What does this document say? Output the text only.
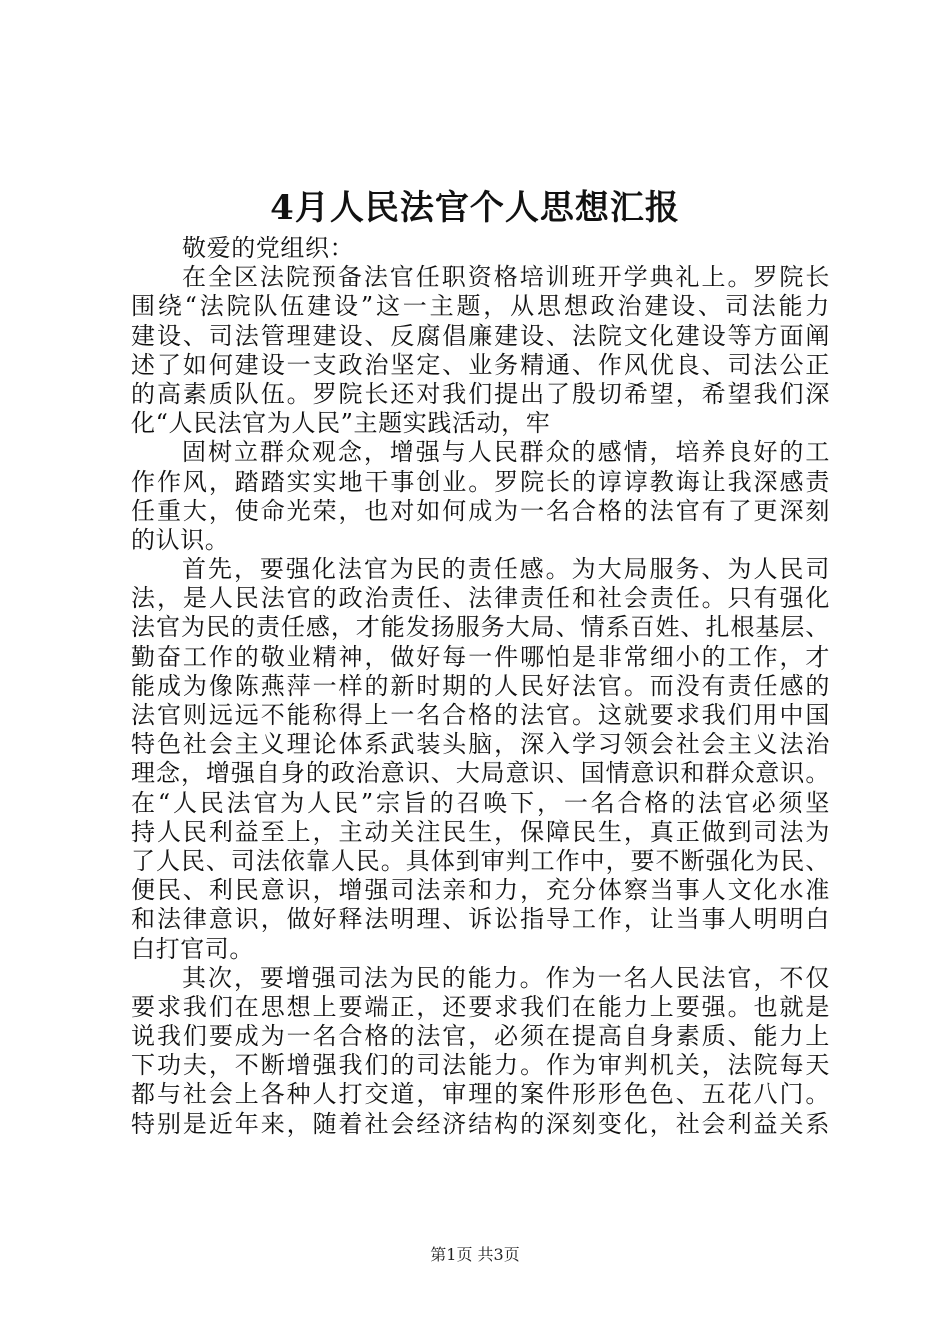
4月人民法官个人思想汇报
敬爱的党组织：
在全区法院预备法官任职资格培训班开学典礼上。罗院长
围绕“法院队伍建设”这一主题，从思想政治建设、司法能力
建设、司法管理建设、反腐倡廉建设、法院文化建设等方面阐
述了如何建设一支政治坚定、业务精通、作风优良、司法公正
的高素质队伍。罗院长还对我们提出了殷切希望，希望我们深
化“人民法官为人民”主题实践活动，牢
固树立群众观念，增强与人民群众的感情，培养良好的工
作作风，踏踏实实地干事创业。罗院长的谆谆教诲让我深感责
任重大，使命光荣，也对如何成为一名合格的法官有了更深刻
的认识。
首先，要强化法官为民的责任感。为大局服务、为人民司
法，是人民法官的政治责任、法律责任和社会责任。只有强化
法官为民的责任感，才能发扬服务大局、情系百姓、扎根基层、
勤奋工作的敬业精神，做好每一件哪怕是非常细小的工作，才
能成为像陈燕萍一样的新时期的人民好法官。而没有责任感的
法官则远远不能称得上一名合格的法官。这就要求我们用中国
特色社会主义理论体系武装头脑，深入学习领会社会主义法治
理念，增强自身的政治意识、大局意识、国情意识和群众意识。
在“人民法官为人民”宗旨的召唤下，一名合格的法官必须坚
持人民利益至上，主动关注民生，保障民生，真正做到司法为
了人民、司法依靠人民。具体到审判工作中，要不断强化为民、
便民、利民意识，增强司法亲和力，充分体察当事人文化水准
和法律意识，做好释法明理、诉讼指导工作，让当事人明明白
白打官司。
其次，要增强司法为民的能力。作为一名人民法官，不仅
要求我们在思想上要端正，还要求我们在能力上要强。也就是
说我们要成为一名合格的法官，必须在提高自身素质、能力上
下功夫，不断增强我们的司法能力。作为审判机关，法院每天
都与社会上各种人打交道，审理的案件形形色色、五花八门。
特别是近年来，随着社会经济结构的深刻变化，社会利益关系
第1页 共3页
